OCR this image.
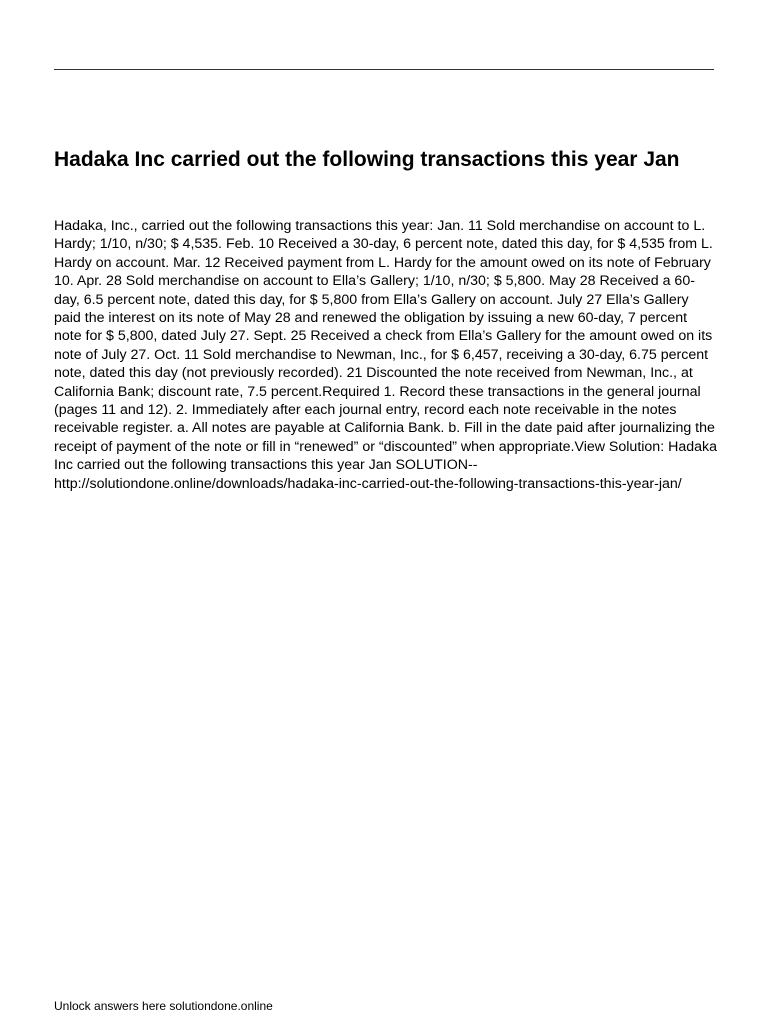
Hadaka Inc carried out the following transactions this year Jan

Hadaka, Inc., carried out the following transactions this year: Jan. 11 Sold merchandise on account to L. Hardy; 1/10, n/30; $ 4,535. Feb. 10 Received a 30-day, 6 percent note, dated this day, for $ 4,535 from L. Hardy on account. Mar. 12 Received payment from L. Hardy for the amount owed on its note of February 10. Apr. 28 Sold merchandise on account to Ella’s Gallery; 1/10, n/30; $ 5,800. May 28 Received a 60-day, 6.5 percent note, dated this day, for $ 5,800 from Ella’s Gallery on account. July 27 Ella’s Gallery paid the interest on its note of May 28 and renewed the obligation by issuing a new 60-day, 7 percent note for $ 5,800, dated July 27. Sept. 25 Received a check from Ella’s Gallery for the amount owed on its note of July 27. Oct. 11 Sold merchandise to Newman, Inc., for $ 6,457, receiving a 30-day, 6.75 percent note, dated this day (not previously recorded). 21 Discounted the note received from Newman, Inc., at California Bank; discount rate, 7.5 percent.Required 1. Record these transactions in the general journal (pages 11 and 12). 2. Immediately after each journal entry, record each note receivable in the notes receivable register. a. All notes are payable at California Bank. b. Fill in the date paid after journalizing the receipt of payment of the note or fill in “renewed” or “discounted” when appropriate.View Solution: Hadaka Inc carried out the following transactions this year Jan SOLUTION-- http://solutiondone.online/downloads/hadaka-inc-carried-out-the-following-transactions-this-year-jan/

Unlock answers here solutiondone.online
